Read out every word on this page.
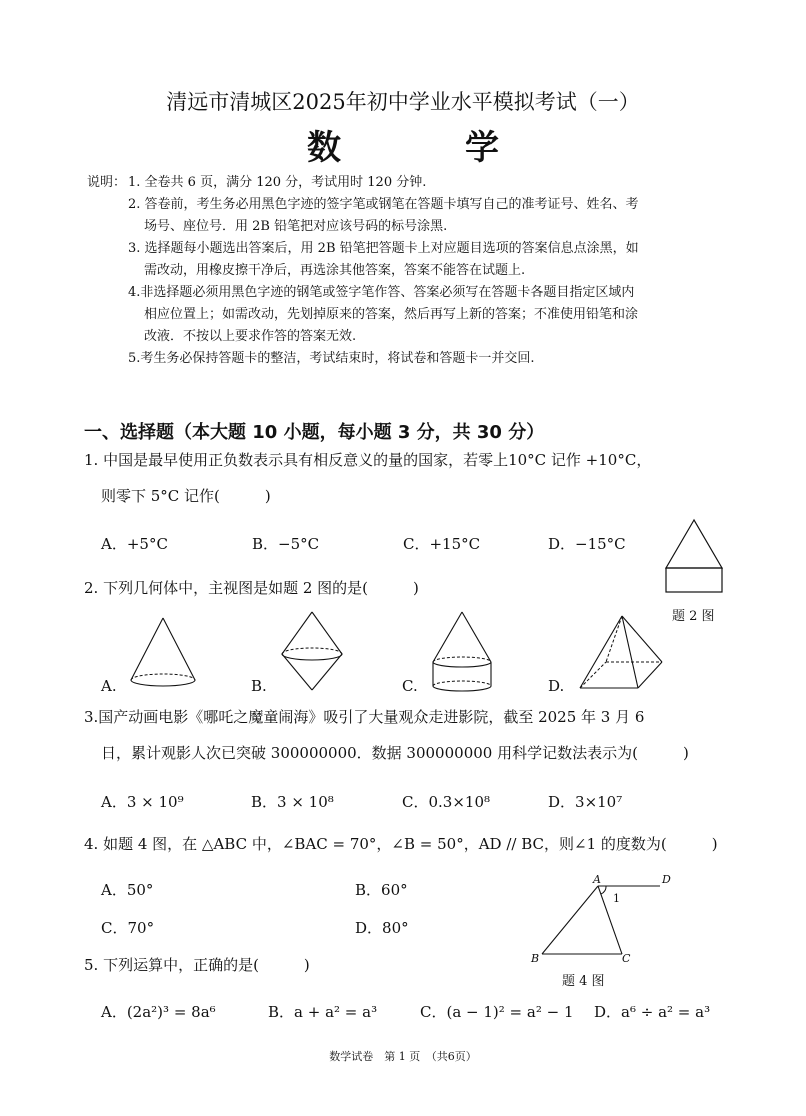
清远市清城区2025年初中学业水平模拟考试（一）
数	学
说明： 1. 全卷共 6 页，满分 120 分，考试用时 120 分钟.
2. 答卷前，考生务必用黑色字迹的签字笔或钢笔在答题卡填写自己的准考证号、姓名、考
场号、座位号．用 2B 铅笔把对应该号码的标号涂黑.
3. 选择题每小题选出答案后，用 2B 铅笔把答题卡上对应题目选项的答案信息点涂黑，如
需改动，用橡皮擦干净后，再选涂其他答案，答案不能答在试题上.
4.非选择题必须用黑色字迹的钢笔或签字笔作答、答案必须写在答题卡各题目指定区域内
相应位置上；如需改动，先划掉原来的答案，然后再写上新的答案；不准使用铅笔和涂
改液．不按以上要求作答的答案无效.
5.考生务必保持答题卡的整洁，考试结束时，将试卷和答题卡一并交回.
一、选择题（本大题 10 小题，每小题 3 分，共 30 分）
1. 中国是最早使用正负数表示具有相反意义的量的国家，若零上10°C 记作 +10°C，
则零下 5°C 记作(　　　)
A．+5°C	B．−5°C	C．+15°C	D．−15°C
题 2 图
2. 下列几何体中，主视图是如题 2 图的是(　　　)
A.	B.	C.	D.
3.国产动画电影《哪吒之魔童闹海》吸引了大量观众走进影院，截至 2025 年 3 月 6
日，累计观影人次已突破 300000000．数据 300000000 用科学记数法表示为(　　　)
A．3 × 10⁹	B．3 × 10⁸	C．0.3×10⁸	D．3×10⁷
4. 如题 4 图，在 △ABC 中，∠BAC = 70°，∠B = 50°，AD // BC，则∠1 的度数为(　　　)
A．50°	B．60°
C．70°	D．80°
A	D
1
B	C
题 4 图
5. 下列运算中，正确的是(　　　)
A．(2a²)³ = 8a⁶	B．a + a² = a³	C．(a − 1)² = a² − 1 D．a⁶ ÷ a² = a³
数学试卷　第 1 页　（共6页）
